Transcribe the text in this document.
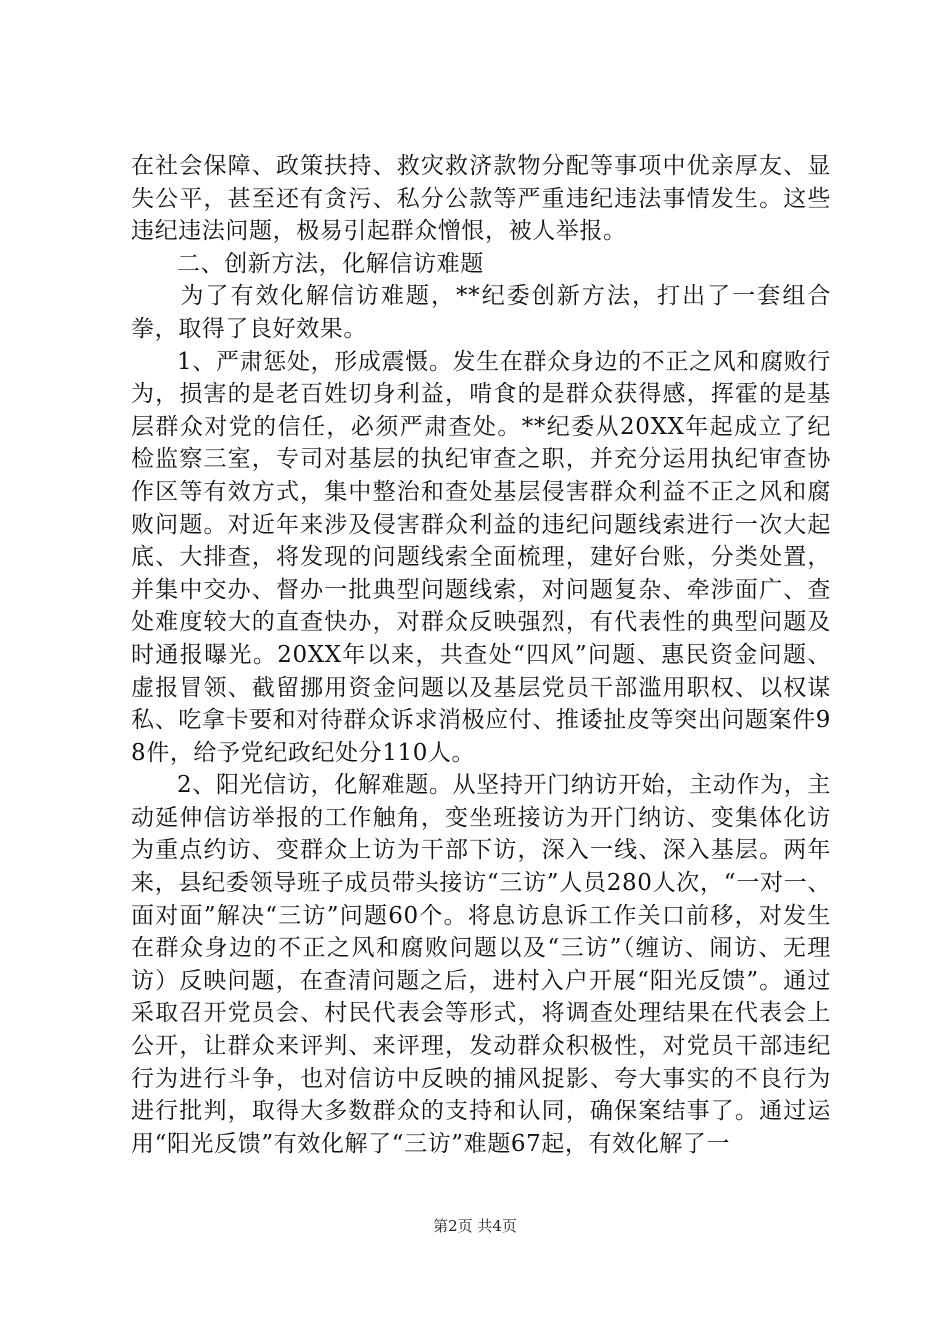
在社会保障、政策扶持、救灾救济款物分配等事项中优亲厚友、显失公平，甚至还有贪污、私分公款等严重违纪违法事情发生。这些违纪违法问题，极易引起群众憎恨，被人举报。

二、创新方法，化解信访难题

为了有效化解信访难题，**纪委创新方法，打出了一套组合拳，取得了良好效果。

1、严肃惩处，形成震慑。发生在群众身边的不正之风和腐败行为，损害的是老百姓切身利益，啃食的是群众获得感，挥霍的是基层群众对党的信任，必须严肃查处。**纪委从20XX年起成立了纪检监察三室，专司对基层的执纪审查之职，并充分运用执纪审查协作区等有效方式，集中整治和查处基层侵害群众利益不正之风和腐败问题。对近年来涉及侵害群众利益的违纪问题线索进行一次大起底、大排查，将发现的问题线索全面梳理，建好台账，分类处置，并集中交办、督办一批典型问题线索，对问题复杂、牵涉面广、查处难度较大的直查快办，对群众反映强烈，有代表性的典型问题及时通报曝光。20XX年以来，共查处“四风”问题、惠民资金问题、虚报冒领、截留挪用资金问题以及基层党员干部滥用职权、以权谋私、吃拿卡要和对待群众诉求消极应付、推诿扯皮等突出问题案件98件，给予党纪政纪处分110人。

2、阳光信访，化解难题。从坚持开门纳访开始，主动作为，主动延伸信访举报的工作触角，变坐班接访为开门纳访、变集体化访为重点约访、变群众上访为干部下访，深入一线、深入基层。两年来，县纪委领导班子成员带头接访“三访”人员280人次，“一对一、面对面”解决“三访”问题60个。将息访息诉工作关口前移，对发生在群众身边的不正之风和腐败问题以及“三访”（缠访、闹访、无理访）反映问题，在查清问题之后，进村入户开展“阳光反馈”。通过采取召开党员会、村民代表会等形式，将调查处理结果在代表会上公开，让群众来评判、来评理，发动群众积极性，对党员干部违纪行为进行斗争，也对信访中反映的捕风捉影、夸大事实的不良行为进行批判，取得大多数群众的支持和认同，确保案结事了。通过运用“阳光反馈”有效化解了“三访”难题67起，有效化解了一

第2页 共4页
